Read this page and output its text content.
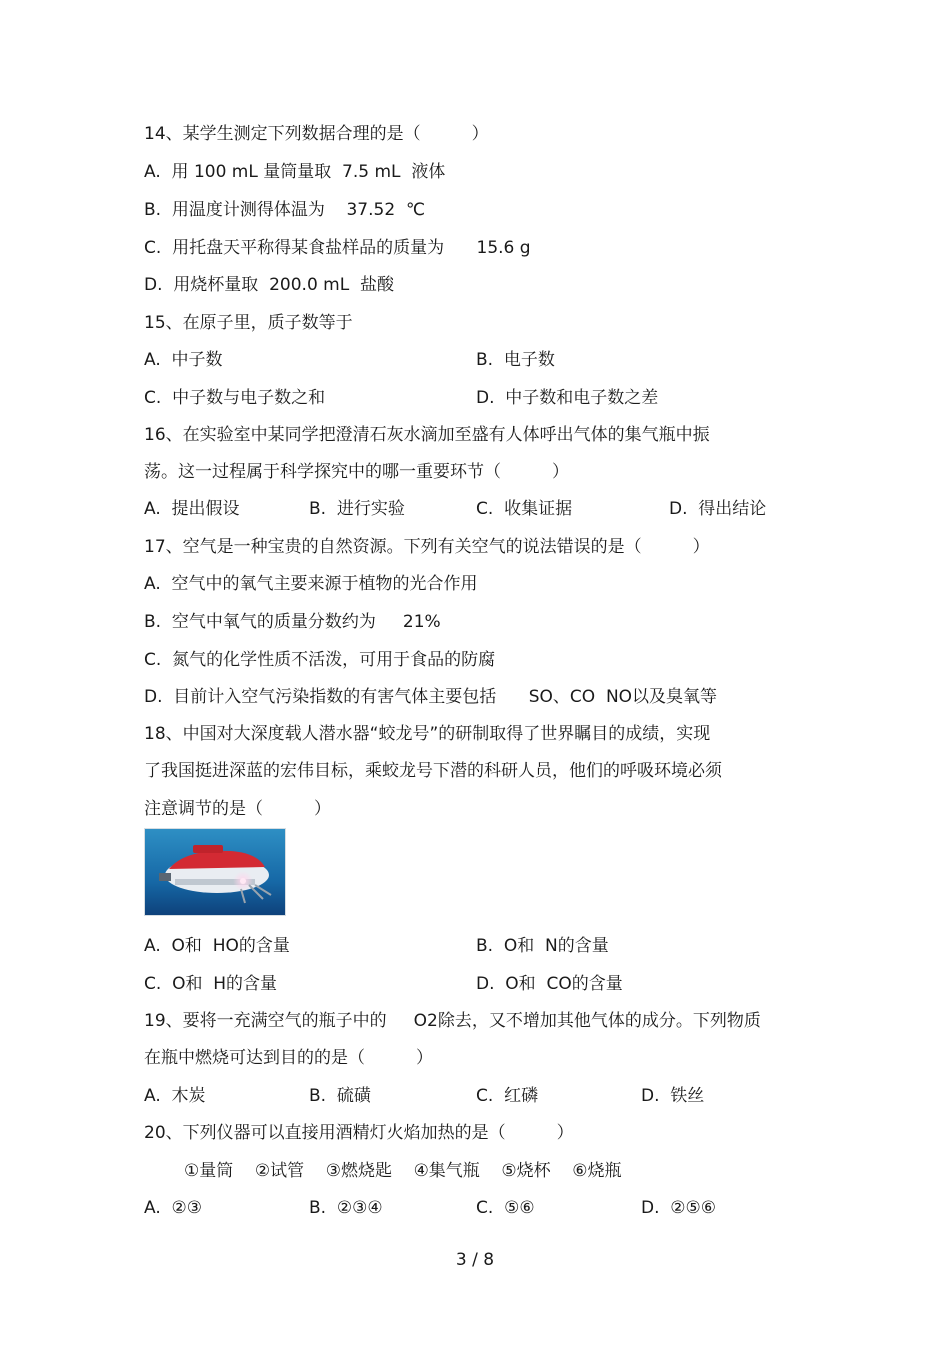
14、某学生测定下列数据合理的是（　　　）
A.  用 100 mL 量筒量取  7.5 mL  液体
B.  用温度计测得体温为    37.52  ℃
C.  用托盘天平称得某食盐样品的质量为      15.6 g
D.  用烧杯量取  200.0 mL  盐酸
15、在原子里，质子数等于
A.  中子数	B.  电子数
C.  中子数与电子数之和	D.  中子数和电子数之差
16、在实验室中某同学把澄清石灰水滴加至盛有人体呼出气体的集气瓶中振
荡。这一过程属于科学探究中的哪一重要环节（　　　）
A.  提出假设	B.  进行实验	C.  收集证据	D.  得出结论
17、空气是一种宝贵的自然资源。下列有关空气的说法错误的是（　　　）
A.  空气中的氧气主要来源于植物的光合作用
B.  空气中氧气的质量分数约为     21%
C.  氮气的化学性质不活泼，可用于食品的防腐
D.  目前计入空气污染指数的有害气体主要包括      SO、CO  NO以及臭氧等
18、中国对大深度载人潜水器“蛟龙号”的研制取得了世界瞩目的成绩，实现
了我国挺进深蓝的宏伟目标，乘蛟龙号下潜的科研人员，他们的呼吸环境必须
注意调节的是（　　　）
A.  O和  HO的含量	B.  O和  N的含量
C.  O和  H的含量	D.  O和  CO的含量
19、要将一充满空气的瓶子中的     O2除去，又不增加其他气体的成分。下列物质
在瓶中燃烧可达到目的的是（　　　）
A.  木炭	B.  硫磺	C.  红磷	D.  铁丝
20、下列仪器可以直接用酒精灯火焰加热的是（　　　）
①量筒    ②试管    ③燃烧匙    ④集气瓶    ⑤烧杯    ⑥烧瓶
A.  ②③	B.  ②③④	C.  ⑤⑥	D.  ②⑤⑥
3 / 8
